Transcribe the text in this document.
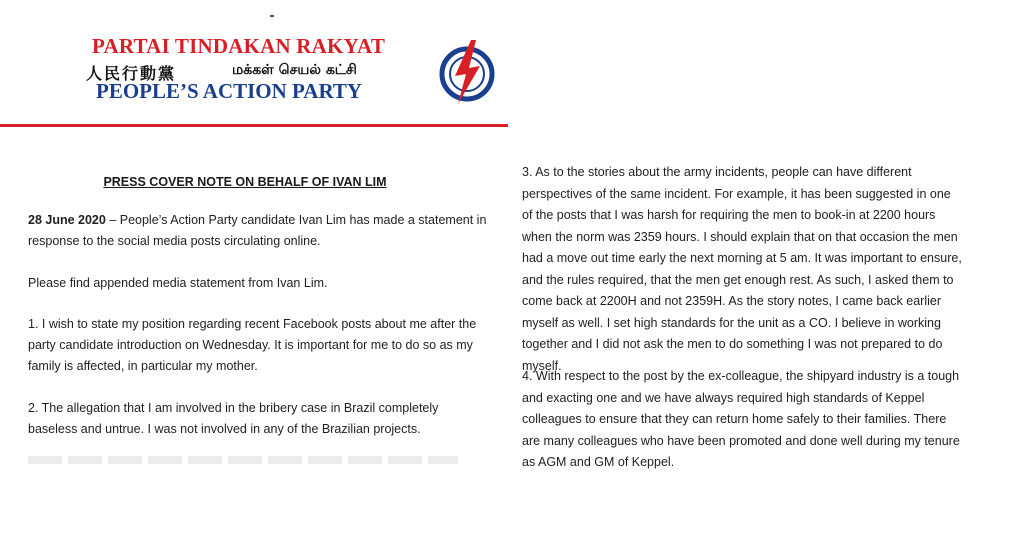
PARTAI TINDAKAN RAKYAT
人民行動黨	மக்கள் செயல் கட்சி
PEOPLE’S ACTION PARTY
PRESS COVER NOTE ON BEHALF OF IVAN LIM
28 June 2020 – People’s Action Party candidate Ivan Lim has made a statement in response to the social media posts circulating online.
Please find appended media statement from Ivan Lim.
1. I wish to state my position regarding recent Facebook posts about me after the party candidate introduction on Wednesday. It is important for me to do so as my family is affected, in particular my mother.
2. The allegation that I am involved in the bribery case in Brazil completely baseless and untrue. I was not involved in any of the Brazilian projects.
3. As to the stories about the army incidents, people can have different perspectives of the same incident. For example, it has been suggested in one of the posts that I was harsh for requiring the men to book-in at 2200 hours when the norm was 2359 hours. I should explain that on that occasion the men had a move out time early the next morning at 5 am. It was important to ensure, and the rules required, that the men get enough rest. As such, I asked them to come back at 2200H and not 2359H. As the story notes, I came back earlier myself as well. I set high standards for the unit as a CO. I believe in working together and I did not ask the men to do something I was not prepared to do myself.
4. With respect to the post by the ex-colleague, the shipyard industry is a tough and exacting one and we have always required high standards of Keppel colleagues to ensure that they can return home safely to their families. There are many colleagues who have been promoted and done well during my tenure as AGM and GM of Keppel.
